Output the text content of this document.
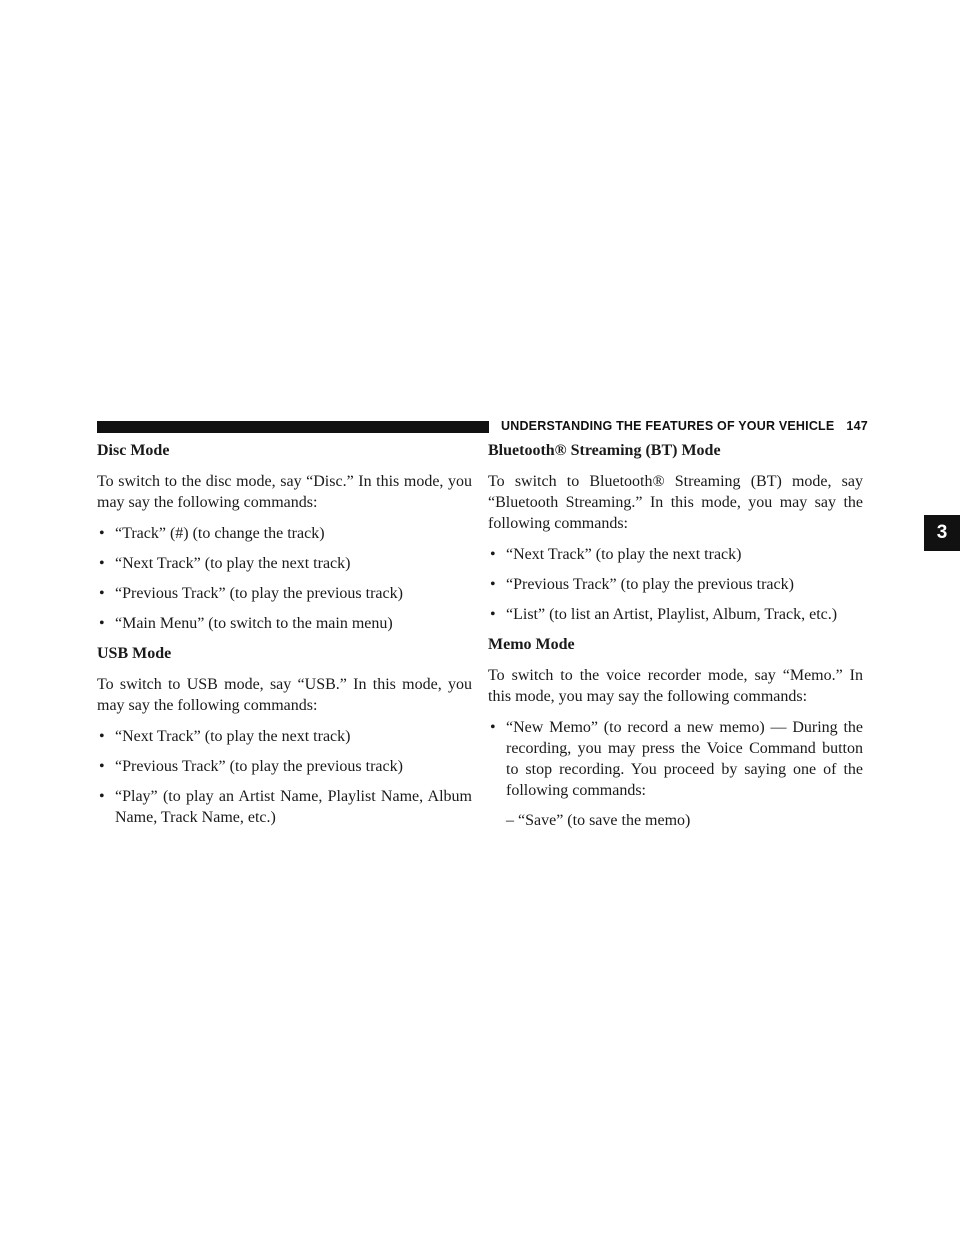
UNDERSTANDING THE FEATURES OF YOUR VEHICLE 147
3
Disc Mode

To switch to the disc mode, say “Disc.” In this mode, you may say the following commands:

• “Track” (#) (to change the track)
• “Next Track” (to play the next track)
• “Previous Track” (to play the previous track)
• “Main Menu” (to switch to the main menu)
USB Mode

To switch to USB mode, say “USB.” In this mode, you may say the following commands:

• “Next Track” (to play the next track)
• “Previous Track” (to play the previous track)
• “Play” (to play an Artist Name, Playlist Name, Album Name, Track Name, etc.)
Bluetooth® Streaming (BT) Mode

To switch to Bluetooth® Streaming (BT) mode, say “Bluetooth Streaming.” In this mode, you may say the following commands:

• “Next Track” (to play the next track)
• “Previous Track” (to play the previous track)
• “List” (to list an Artist, Playlist, Album, Track, etc.)
Memo Mode

To switch to the voice recorder mode, say “Memo.” In this mode, you may say the following commands:

• “New Memo” (to record a new memo) — During the recording, you may press the Voice Command button to stop recording. You proceed by saying one of the following commands:
– “Save” (to save the memo)
